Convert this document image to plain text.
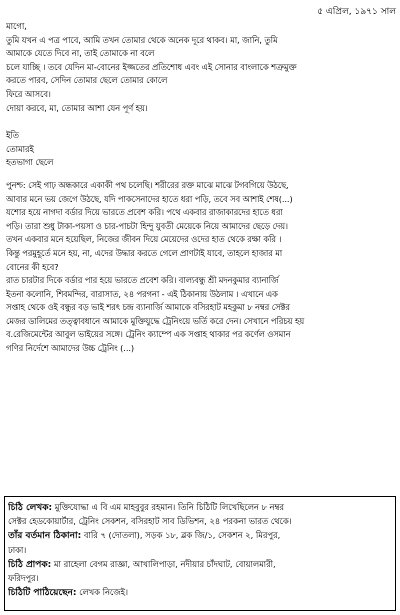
৫ এপ্রিল, ১৯৭১ সাল
মাগো,
তুমি যখন এ পত্র পাবে, আমি তখন তোমার থেকে অনেক দূরে থাকব। মা, জানি, তুমি
আমাকে যেতে দিবে না, তাই তোমাকে না বলে
চলে যাচ্ছি । তবে যেদিন মা-বোনের ইজ্জতের প্রতিশোধ এবং এই সোনার বাংলাকে শত্রুমুক্ত
করতে পারব, সেদিন তোমার ছেলে তোমার কোলে
ফিরে আসবে।
দোয়া করবে, মা, তোমার আশা যেন পূর্ণ হয়।
ইতি
তোমারই
হতভাগা ছেলে
পুনশ্চ: সেই গাঢ় অন্ধকারে একাকী পথ চলেছি। শরীরের রক্ত মাঝে মাঝে টগবগিয়ে উঠছে,
আবার মনে ভয় জেগে উঠছে, যদি পাকসেনাদের হাতে ধরা পড়ি, তবে সব আশাই শেষ(...)
যশোর হয়ে নাগদা বর্ডার দিয়ে ভারতে প্রবেশ করি। পথে একবার রাজাকারদের হাতে ধরা
পড়ি। তারা শুধু টাকা-পয়সা ও চার-পাচটা হিন্দু যুবতী মেয়েকে নিয়ে আমাদের ছেড়ে দেয়।
তখন একবার মনে হয়েছিল, নিজের জীবন দিয়ে মেয়েদের ওদের হাত থেকে রক্ষা করি ।
কিন্তু পরমুহূর্তে মনে হয়, না, এদের উদ্ধার করতে গেলে প্রাণটাই যাবে, তাহলে হাজার মা
বোনের কী হবে?
রাত চারটার দিকে বর্ডার পার হয়ে ভারতে প্রবেশ করি। বাল্যবন্ধু শ্রী মদনকুমার ব্যানার্জি
ইতনা কলোনি, শিবমন্দির, বারাসাত, ২৪ পরগনা - এই ঠিকানায় উঠলাম । এখানে এক
সপ্তাহ থেকে ওই বন্ধুর বড় ভাই শরৎ চন্দ্র ব্যানার্জি আমাকে বসিরহাট মহকুমা ৮ নম্বর সেক্টর
মেজর ডালিমের তত্ত্বাবধানে আমাকে মুক্তিযুদ্ধে ট্রেনিংয়ে ভর্তি করে দেন। সেখানে পরিচয় হয়
ব.রেজিমেন্টের আবুল ভাইয়ের সঙ্গে। ট্রেনিং ক্যাম্পে এক সপ্তাহ থাকার পর কর্ণেল ওসমান
গণির নির্দেশে আমাদের উচ্চ ট্রেনিং (...)
চিঠি লেখক: মুক্তিযোদ্ধা এ বি এম মাহবুবুর রহমান। তিনি চিঠিটি লিখেছিলেন ৮ নম্বর
সেক্টর হেডকোয়ার্টার, ট্রেনিং সেকশন, বসিরহাট সাব ডিভিশন, ২৪ পরকনা ভারত থেকে।
তাঁর বর্তমান ঠিকানা: বারি ৭ (দোতলা), সড়ক ১৮, ব্লক জি/১, সেকশন ২, মিরপুর,
ঢাকা।
চিঠি প্রাপক: মা রাহেলা বেগম রাজ্ঞা, আখালিপাড়া, নদীয়ার চাঁদঘাট, বোয়ালমারী,
ফরিদপুর।
চিঠিটি পাঠিয়েছেন: লেখক নিজেই।
